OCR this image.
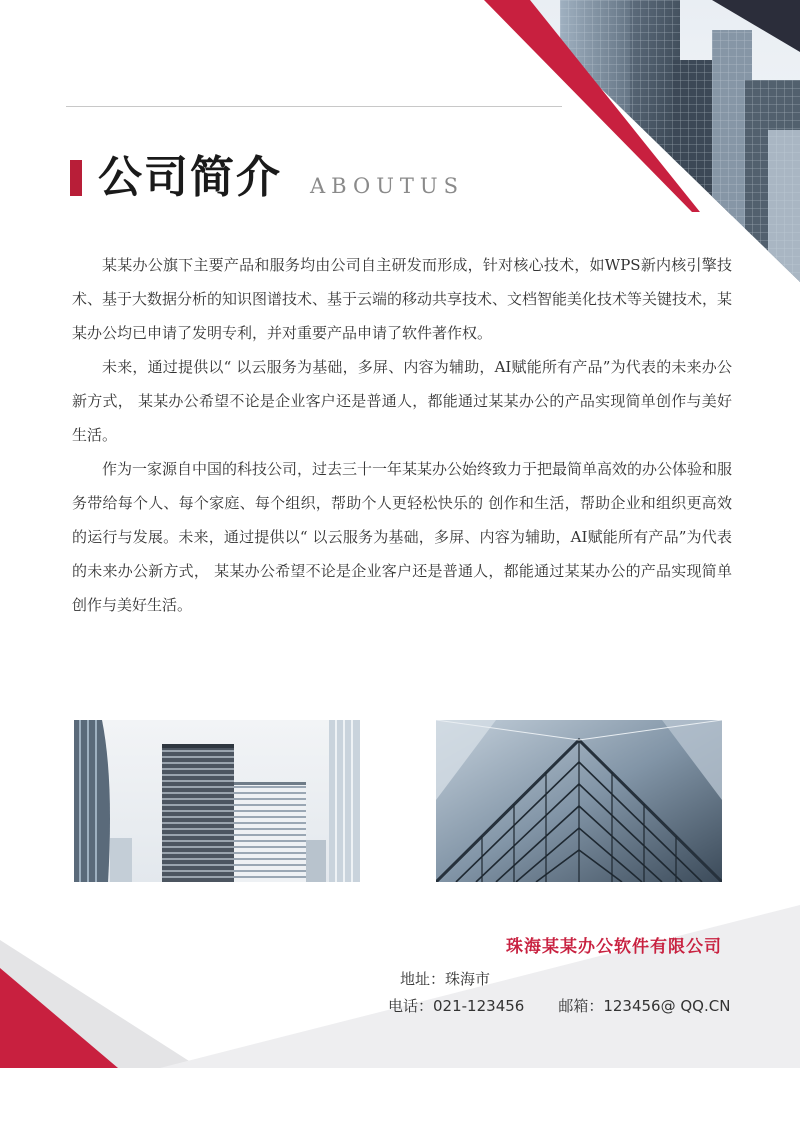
公司简介 ABOUTUS

某某办公旗下主要产品和服务均由公司自主研发而形成，针对核心技术，如WPS新内核引擎技术、基于大数据分析的知识图谱技术、基于云端的移动共享技术、文档智能美化技术等关键技术，某某办公均已申请了发明专利，并对重要产品申请了软件著作权。

未来，通过提供以“ 以云服务为基础，多屏、内容为辅助，AI赋能所有产品”为代表的未来办公新方式， 某某办公希望不论是企业客户还是普通人，都能通过某某办公的产品实现简单创作与美好生活。

作为一家源自中国的科技公司，过去三十一年某某办公始终致力于把最简单高效的办公体验和服务带给每个人、每个家庭、每个组织，帮助个人更轻松快乐的 创作和生活，帮助企业和组织更高效的运行与发展。未来，通过提供以“ 以云服务为基础，多屏、内容为辅助，AI赋能所有产品”为代表的未来办公新方式， 某某办公希望不论是企业客户还是普通人，都能通过某某办公的产品实现简单创作与美好生活。

珠海某某办公软件有限公司
地址：珠海市
电话：021-123456 邮箱：123456@ QQ.CN
